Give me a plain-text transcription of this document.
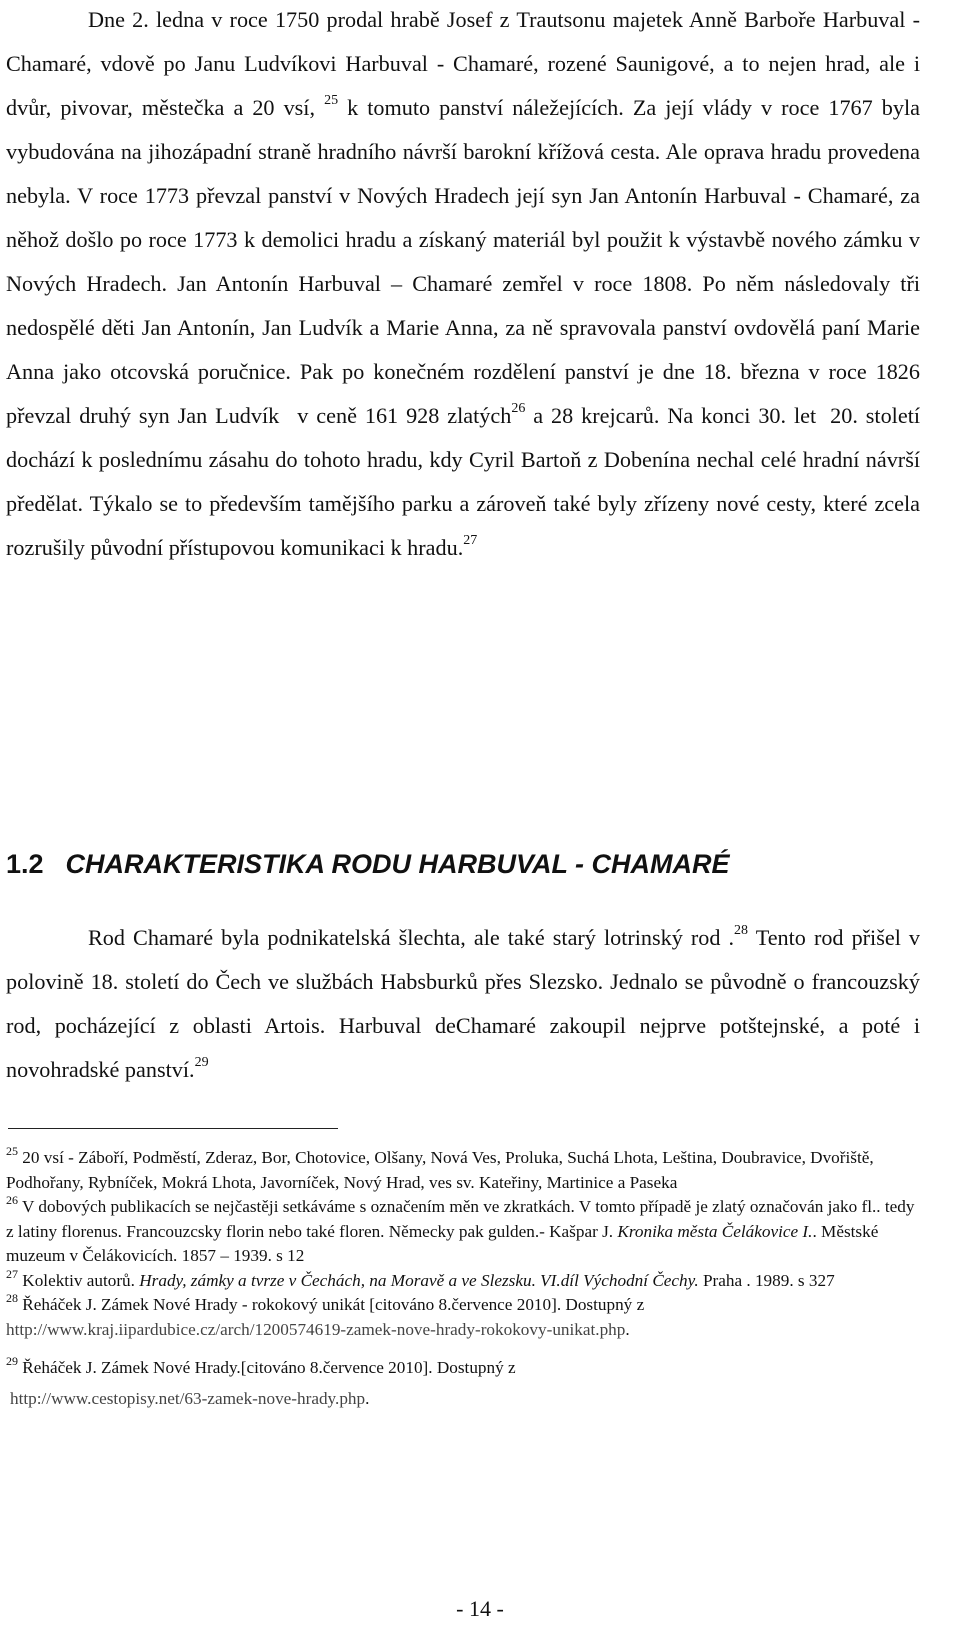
Dne 2. ledna v roce 1750 prodal hrabě Josef z Trautsonu majetek Anně Barboře Harbuval - Chamaré, vdově po Janu Ludvíkovi Harbuval - Chamaré, rozené Saunigové, a to nejen hrad, ale i dvůr, pivovar, městečka a 20 vsí, $^{25}$ k tomuto panství náležejících. Za její vlády v roce 1767 byla vybudována na jihozápadní straně hradního návrší barokní křížová cesta. Ale oprava hradu provedena nebyla. V roce 1773 převzal panství v Nových Hradech její syn Jan Antonín Harbuval - Chamaré, za něhož došlo po roce 1773 k demolici hradu a získaný materiál byl použit k výstavbě nového zámku v Nových Hradech. Jan Antonín Harbuval – Chamaré zemřel v roce 1808. Po něm následovaly tři nedospělé děti Jan Antonín, Jan Ludvík a Marie Anna, za ně spravovala panství ovdovělá paní Marie Anna jako otcovská poručnice. Pak po konečném rozdělení panství je dne 18. března v roce 1826 převzal druhý syn Jan Ludvík v ceně 161 928 zlatých$^{26}$ a 28 krejcarů. Na konci 30. let 20. století dochází k poslednímu zásahu do tohoto hradu, kdy Cyril Bartoň z Dobenína nechal celé hradní návrší předělat. Týkalo se to především tamějšího parku a zároveň také byly zřízeny nové cesty, které zcela rozrušily původní přístupovou komunikaci k hradu.$^{27}$

1.2 CHARAKTERISTIKA RODU HARBUVAL - CHAMARÉ

Rod Chamaré byla podnikatelská šlechta, ale také starý lotrinský rod .$^{28}$ Tento rod přišel v polovině 18. století do Čech ve službách Habsburků přes Slezsko. Jednalo se původně o francouzský rod, pocházející z oblasti Artois. Harbuval deChamaré zakoupil nejprve potštejnské, a poté i novohradské panství.$^{29}$

$^{25}$ 20 vsí - Záboří, Podměstí, Zderaz, Bor, Chotovice, Olšany, Nová Ves, Proluka, Suchá Lhota, Leština, Doubravice, Dvořiště, Podhořany, Rybníček, Mokrá Lhota, Javorníček, Nový Hrad, ves sv. Kateřiny, Martinice a Paseka

$^{26}$ V dobových publikacích se nejčastěji setkáváme s označením měn ve zkratkách. V tomto případě je zlatý označován jako fl.. tedy z latiny florenus. Francouzcsky florin nebo také floren. Německy pak gulden.- Kašpar J. Kronika města Čelákovice I.. Městské muzeum v Čelákovicích. 1857 – 1939. s 12

$^{27}$ Kolektiv autorů. Hrady, zámky a tvrze v Čechách, na Moravě a ve Slezsku. VI.díl Východní Čechy. Praha . 1989. s 327

$^{28}$ Řeháček J. Zámek Nové Hrady - rokokový unikát [citováno 8.července 2010]. Dostupný z
http://www.kraj.iipardubice.cz/arch/1200574619-zamek-nove-hrady-rokokovy-unikat.php.

$^{29}$ Řeháček J. Zámek Nové Hrady.[citováno 8.července 2010]. Dostupný z

http://www.cestopisy.net/63-zamek-nove-hrady.php.

- 14 -
